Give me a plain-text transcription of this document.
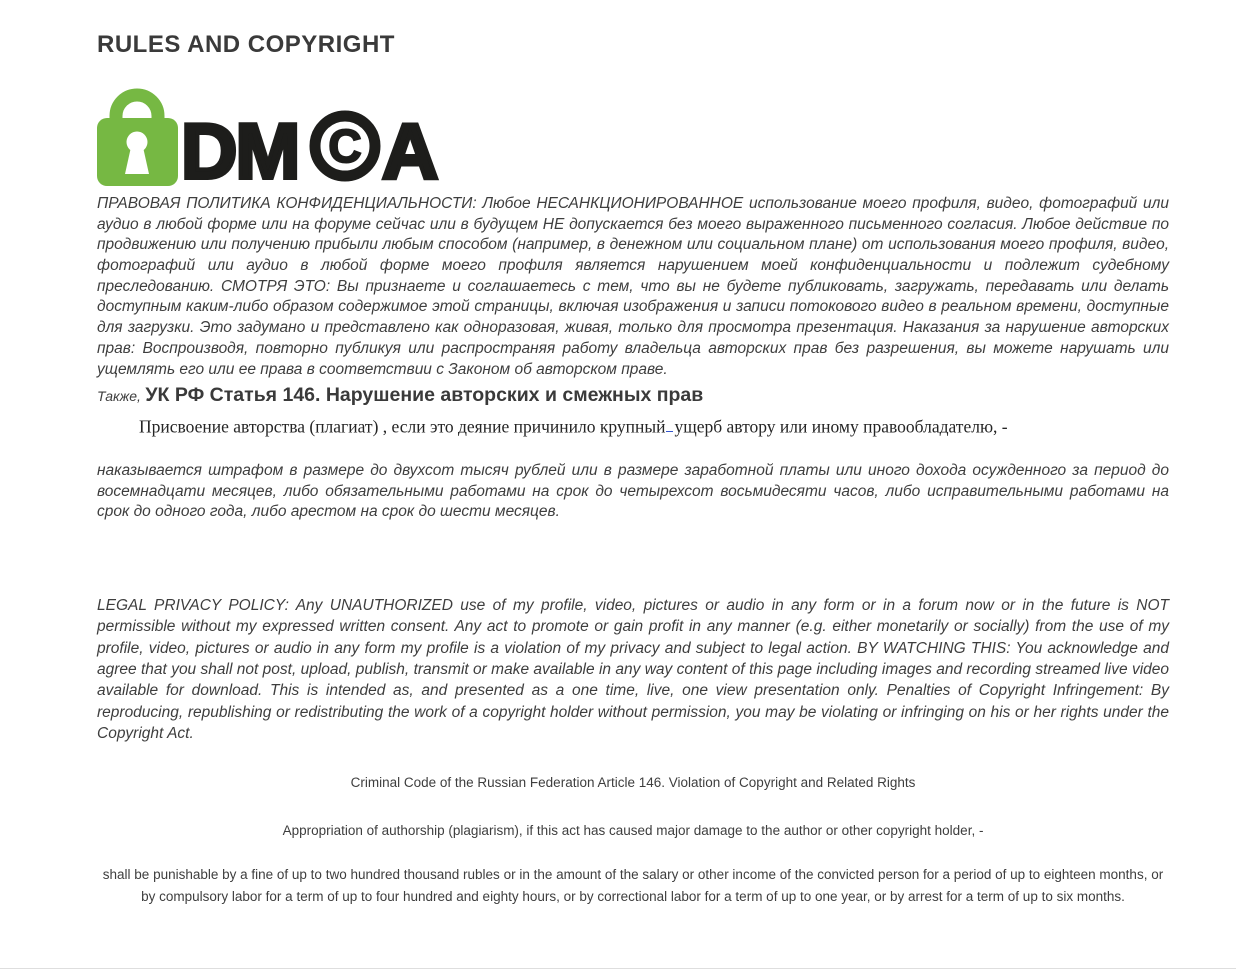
RULES AND COPYRIGHT
DM C A

ПРАВОВАЯ ПОЛИТИКА КОНФИДЕНЦИАЛЬНОСТИ: Любое НЕСАНКЦИОНИРОВАННОЕ использование моего профиля, видео, фотографий или аудио в любой форме или на форуме сейчас или в будущем НЕ допускается без моего выраженного письменного согласия. Любое действие по продвижению или получению прибыли любым способом (например, в денежном или социальном плане) от использования моего профиля, видео, фотографий или аудио в любой форме моего профиля является нарушением моей конфиденциальности и подлежит судебному преследованию. СМОТРЯ ЭТО: Вы признаете и соглашаетесь с тем, что вы не будете публиковать, загружать, передавать или делать доступным каким-либо образом содержимое этой страницы, включая изображения и записи потокового видео в реальном времени, доступные для загрузки. Это задумано и представлено как одноразовая, живая, только для просмотра презентация. Наказания за нарушение авторских прав: Воспроизводя, повторно публикуя или распространяя работу владельца авторских прав без разрешения, вы можете нарушать или ущемлять его или ее права в соответствии с Законом об авторском праве.

Также, УК РФ Статья 146. Нарушение авторских и смежных прав

Присвоение авторства (плагиат) , если это деяние причинило крупный ущерб автору или иному правообладателю, -

наказывается штрафом в размере до двухсот тысяч рублей или в размере заработной платы или иного дохода осужденного за период до восемнадцати месяцев, либо обязательными работами на срок до четырехсот восьмидесяти часов, либо исправительными работами на срок до одного года, либо арестом на срок до шести месяцев.

LEGAL PRIVACY POLICY: Any UNAUTHORIZED use of my profile, video, pictures or audio in any form or in a forum now or in the future is NOT permissible without my expressed written consent. Any act to promote or gain profit in any manner (e.g. either monetarily or socially) from the use of my profile, video, pictures or audio in any form my profile is a violation of my privacy and subject to legal action. BY WATCHING THIS: You acknowledge and agree that you shall not post, upload, publish, transmit or make available in any way content of this page including images and recording streamed live video available for download. This is intended as, and presented as a one time, live, one view presentation only. Penalties of Copyright Infringement: By reproducing, republishing or redistributing the work of a copyright holder without permission, you may be violating or infringing on his or her rights under the Copyright Act.

Criminal Code of the Russian Federation Article 146. Violation of Copyright and Related Rights

Appropriation of authorship (plagiarism), if this act has caused major damage to the author or other copyright holder, -

shall be punishable by a fine of up to two hundred thousand rubles or in the amount of the salary or other income of the convicted person for a period of up to eighteen months, or by compulsory labor for a term of up to four hundred and eighty hours, or by correctional labor for a term of up to one year, or by arrest for a term of up to six months.
